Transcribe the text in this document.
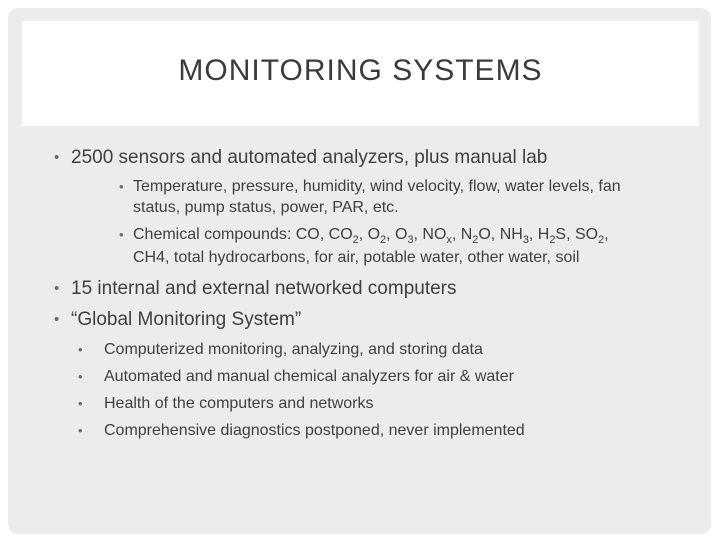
MONITORING SYSTEMS
• 2500 sensors and automated analyzers, plus manual lab
• Temperature, pressure, humidity, wind velocity, flow, water levels, fan
status, pump status, power, PAR, etc.
• Chemical compounds: CO, $CO_2$, $O_2$, $O_3$, $NO_x$, $N_2O$, $NH_3$, $H_2S$, $SO_2$,
CH4, total hydrocarbons, for air, potable water, other water, soil
• 15 internal and external networked computers
• “Global Monitoring System”
• Computerized monitoring, analyzing, and storing data
• Automated and manual chemical analyzers for air & water
• Health of the computers and networks
• Comprehensive diagnostics postponed, never implemented
